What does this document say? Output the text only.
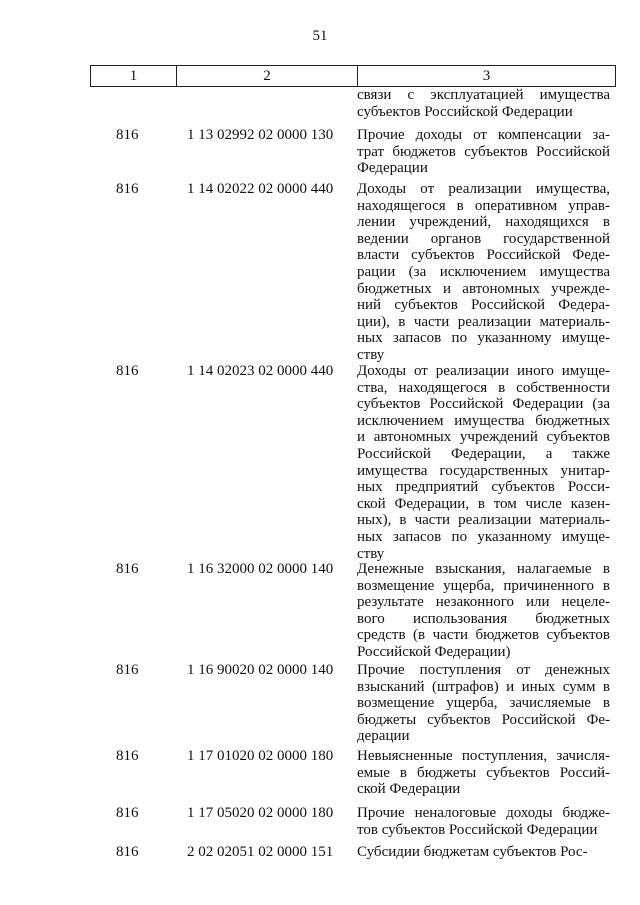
51
1	2	3
связи с эксплуатацией имущества
субъектов Российской Федерации
816	1 13 02992 02 0000 130 Прочие доходы от компенсации за-
трат бюджетов субъектов Российской
Федерации
816	1 14 02022 02 0000 440 Доходы от реализации имущества,
находящегося в оперативном управ-
лении учреждений, находящихся в
ведении органов государственной
власти субъектов Российской Феде-
рации (за исключением имущества
бюджетных и автономных учрежде-
ний субъектов Российской Федера-
ции), в части реализации материаль-
ных запасов по указанному имуще-
ству
816	1 14 02023 02 0000 440 Доходы от реализации иного имуще-
ства, находящегося в собственности
субъектов Российской Федерации (за
исключением имущества бюджетных
и автономных учреждений субъектов
Российской Федерации, а также
имущества государственных унитар-
ных предприятий субъектов Росси-
ской Федерации, в том числе казен-
ных), в части реализации материаль-
ных запасов по указанному имуще-
ству
816	1 16 32000 02 0000 140 Денежные взыскания, налагаемые в
возмещение ущерба, причиненного в
результате незаконного или нецеле-
вого использования бюджетных
средств (в части бюджетов субъектов
Российской Федерации)
816	1 16 90020 02 0000 140 Прочие поступления от денежных
взысканий (штрафов) и иных сумм в
возмещение ущерба, зачисляемые в
бюджеты субъектов Российской Фе-
дерации
816	1 17 01020 02 0000 180 Невыясненные поступления, зачисля-
емые в бюджеты субъектов Россий-
ской Федерации
816	1 17 05020 02 0000 180 Прочие неналоговые доходы бюдже-
тов субъектов Российской Федерации
816	2 02 02051 02 0000 151 Субсидии бюджетам субъектов Рос-
